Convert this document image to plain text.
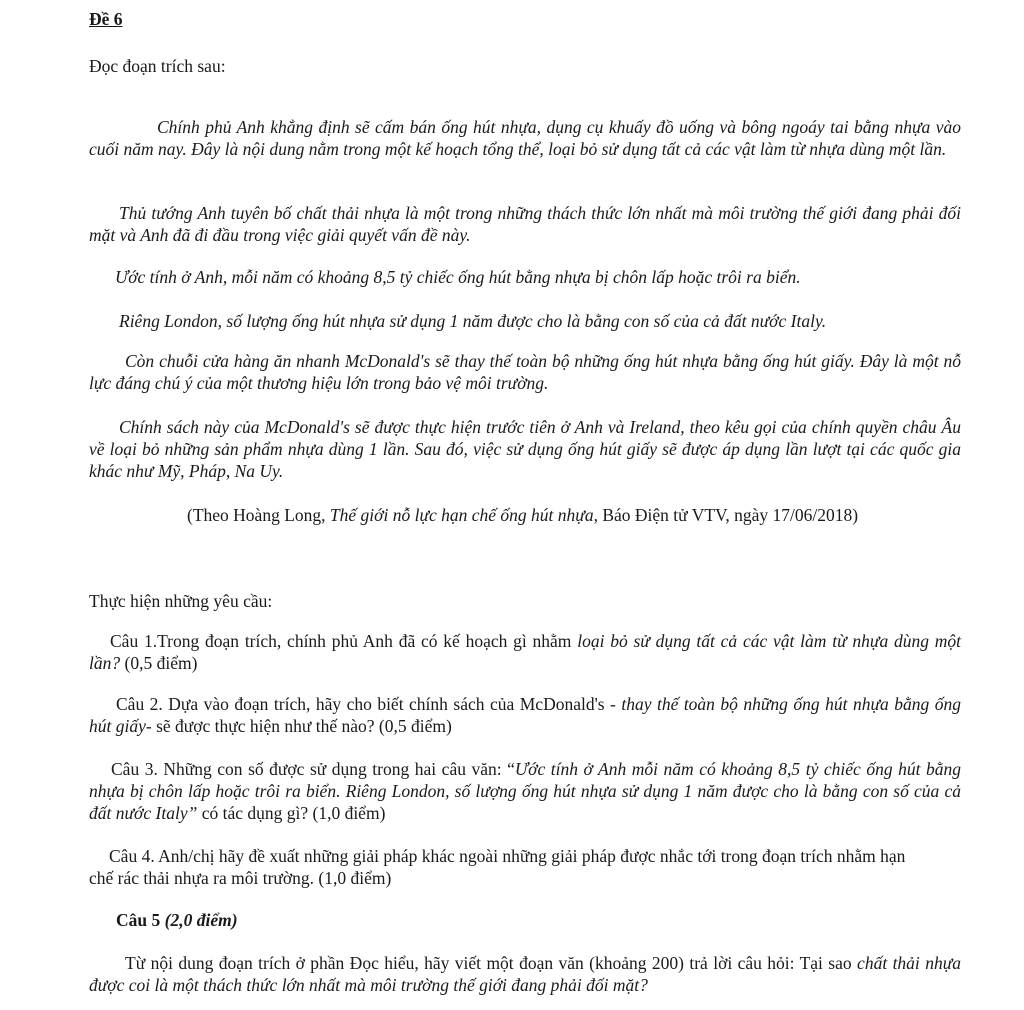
Đề 6

Đọc đoạn trích sau:

Chính phủ Anh khẳng định sẽ cấm bán ống hút nhựa, dụng cụ khuấy đồ uống và bông ngoáy tai bằng nhựa vào cuối năm nay. Đây là nội dung nằm trong một kế hoạch tổng thể, loại bỏ sử dụng tất cả các vật làm từ nhựa dùng một lần.

Thủ tướng Anh tuyên bố chất thải nhựa là một trong những thách thức lớn nhất mà môi trường thế giới đang phải đối mặt và Anh đã đi đầu trong việc giải quyết vấn đề này.

Ước tính ở Anh, mỗi năm có khoảng 8,5 tỷ chiếc ống hút bằng nhựa bị chôn lấp hoặc trôi ra biển.

Riêng London, số lượng ống hút nhựa sử dụng 1 năm được cho là bằng con số của cả đất nước Italy.

Còn chuỗi cửa hàng ăn nhanh McDonald's sẽ thay thế toàn bộ những ống hút nhựa bằng ống hút giấy. Đây là một nỗ lực đáng chú ý của một thương hiệu lớn trong bảo vệ môi trường.

Chính sách này của McDonald's sẽ được thực hiện trước tiên ở Anh và Ireland, theo kêu gọi của chính quyền châu Âu về loại bỏ những sản phẩm nhựa dùng 1 lần. Sau đó, việc sử dụng ống hút giấy sẽ được áp dụng lần lượt tại các quốc gia khác như Mỹ, Pháp, Na Uy.

(Theo Hoàng Long, Thế giới nỗ lực hạn chế ống hút nhựa, Báo Điện tử VTV, ngày 17/06/2018)

Thực hiện những yêu cầu:

Câu 1.Trong đoạn trích, chính phủ Anh đã có kế hoạch gì nhằm loại bỏ sử dụng tất cả các vật làm từ nhựa dùng một lần? (0,5 điểm)

Câu 2. Dựa vào đoạn trích, hãy cho biết chính sách của McDonald's - thay thế toàn bộ những ống hút nhựa bằng ống hút giấy- sẽ được thực hiện như thế nào? (0,5 điểm)

Câu 3. Những con số được sử dụng trong hai câu văn: “Ước tính ở Anh mỗi năm có khoảng 8,5 tỷ chiếc ống hút bằng nhựa bị chôn lấp hoặc trôi ra biển. Riêng London, số lượng ống hút nhựa sử dụng 1 năm được cho là bằng con số của cả đất nước Italy” có tác dụng gì? (1,0 điểm)

Câu 4. Anh/chị hãy đề xuất những giải pháp khác ngoài những giải pháp được nhắc tới trong đoạn trích nhằm hạn chế rác thải nhựa ra môi trường. (1,0 điểm)

Câu 5 (2,0 điểm)

Từ nội dung đoạn trích ở phần Đọc hiểu, hãy viết một đoạn văn (khoảng 200) trả lời câu hỏi: Tại sao chất thải nhựa được coi là một thách thức lớn nhất mà môi trường thế giới đang phải đối mặt?
